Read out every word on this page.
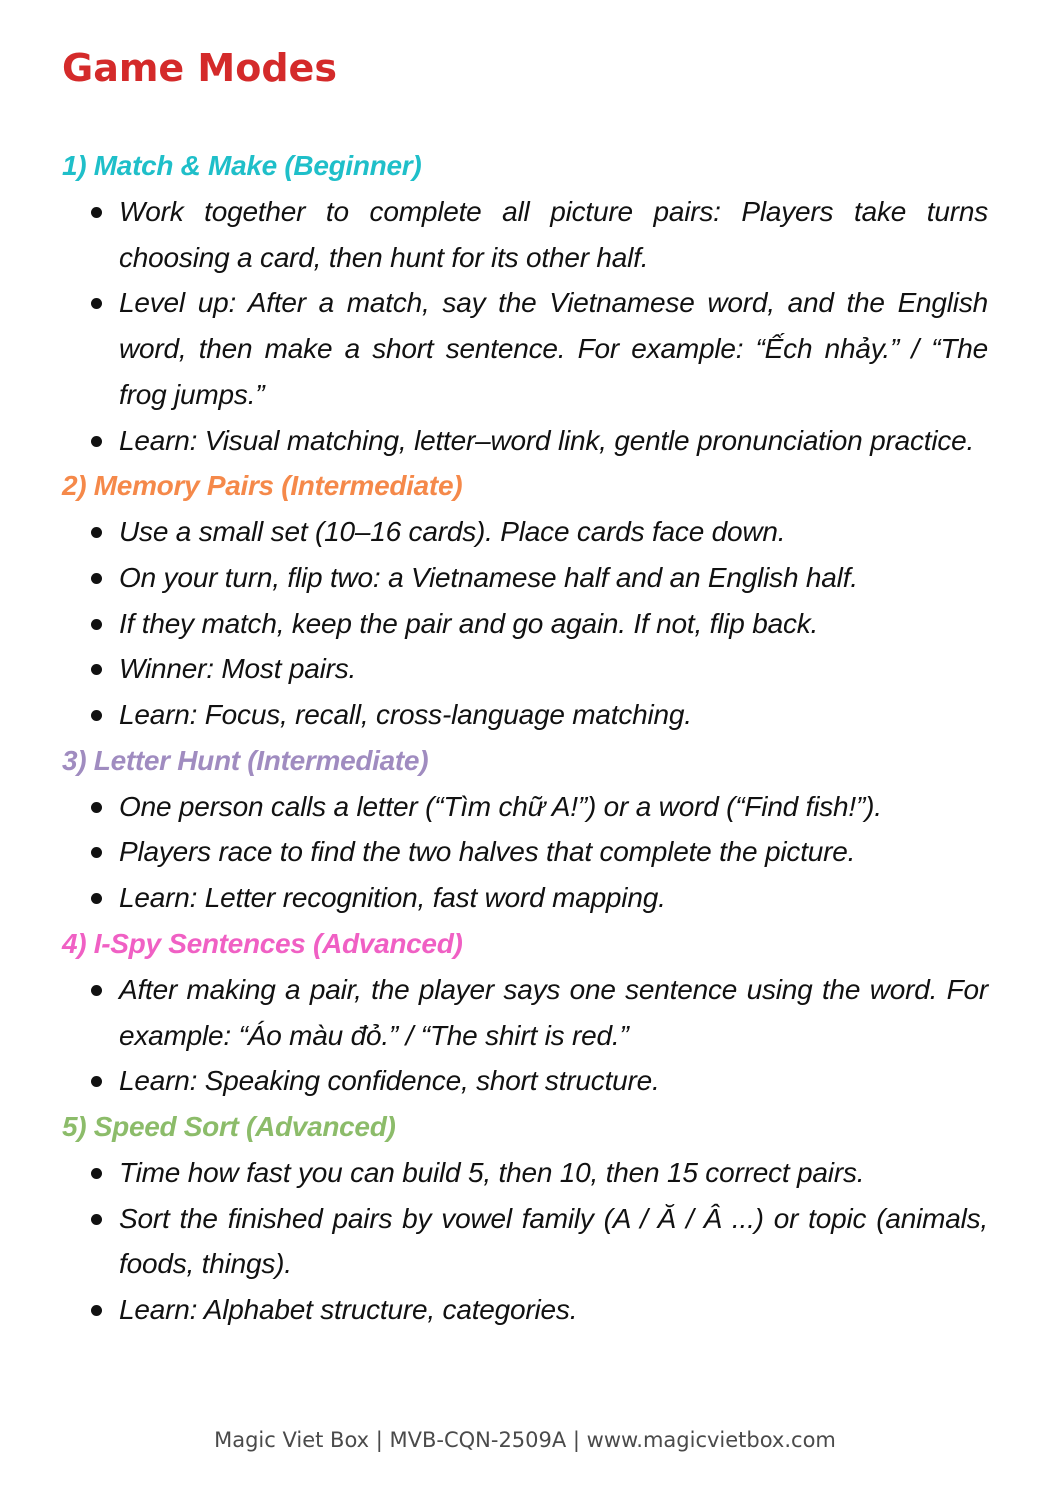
Game Modes
1) Match & Make (Beginner)
Work together to complete all picture pairs: Players take turns choosing a card, then hunt for its other half.
Level up: After a match, say the Vietnamese word, and the English word, then make a short sentence. For example: “Ếch nhảy.” / “The frog jumps.”
Learn: Visual matching, letter–word link, gentle pronunciation practice.
2) Memory Pairs (Intermediate)
Use a small set (10–16 cards). Place cards face down.
On your turn, flip two: a Vietnamese half and an English half.
If they match, keep the pair and go again. If not, flip back.
Winner: Most pairs.
Learn: Focus, recall, cross-language matching.
3) Letter Hunt (Intermediate)
One person calls a letter (“Tìm chữ A!”) or a word (“Find fish!”).
Players race to find the two halves that complete the picture.
Learn: Letter recognition, fast word mapping.
4) I-Spy Sentences (Advanced)
After making a pair, the player says one sentence using the word. For example: “Áo màu đỏ.” / “The shirt is red.”
Learn: Speaking confidence, short structure.
5) Speed Sort (Advanced)
Time how fast you can build 5, then 10, then 15 correct pairs.
Sort the finished pairs by vowel family (A / Ă / Â ...) or topic (animals, foods, things).
Learn: Alphabet structure, categories.
Magic Viet Box | MVB-CQN-2509A | www.magicvietbox.com
